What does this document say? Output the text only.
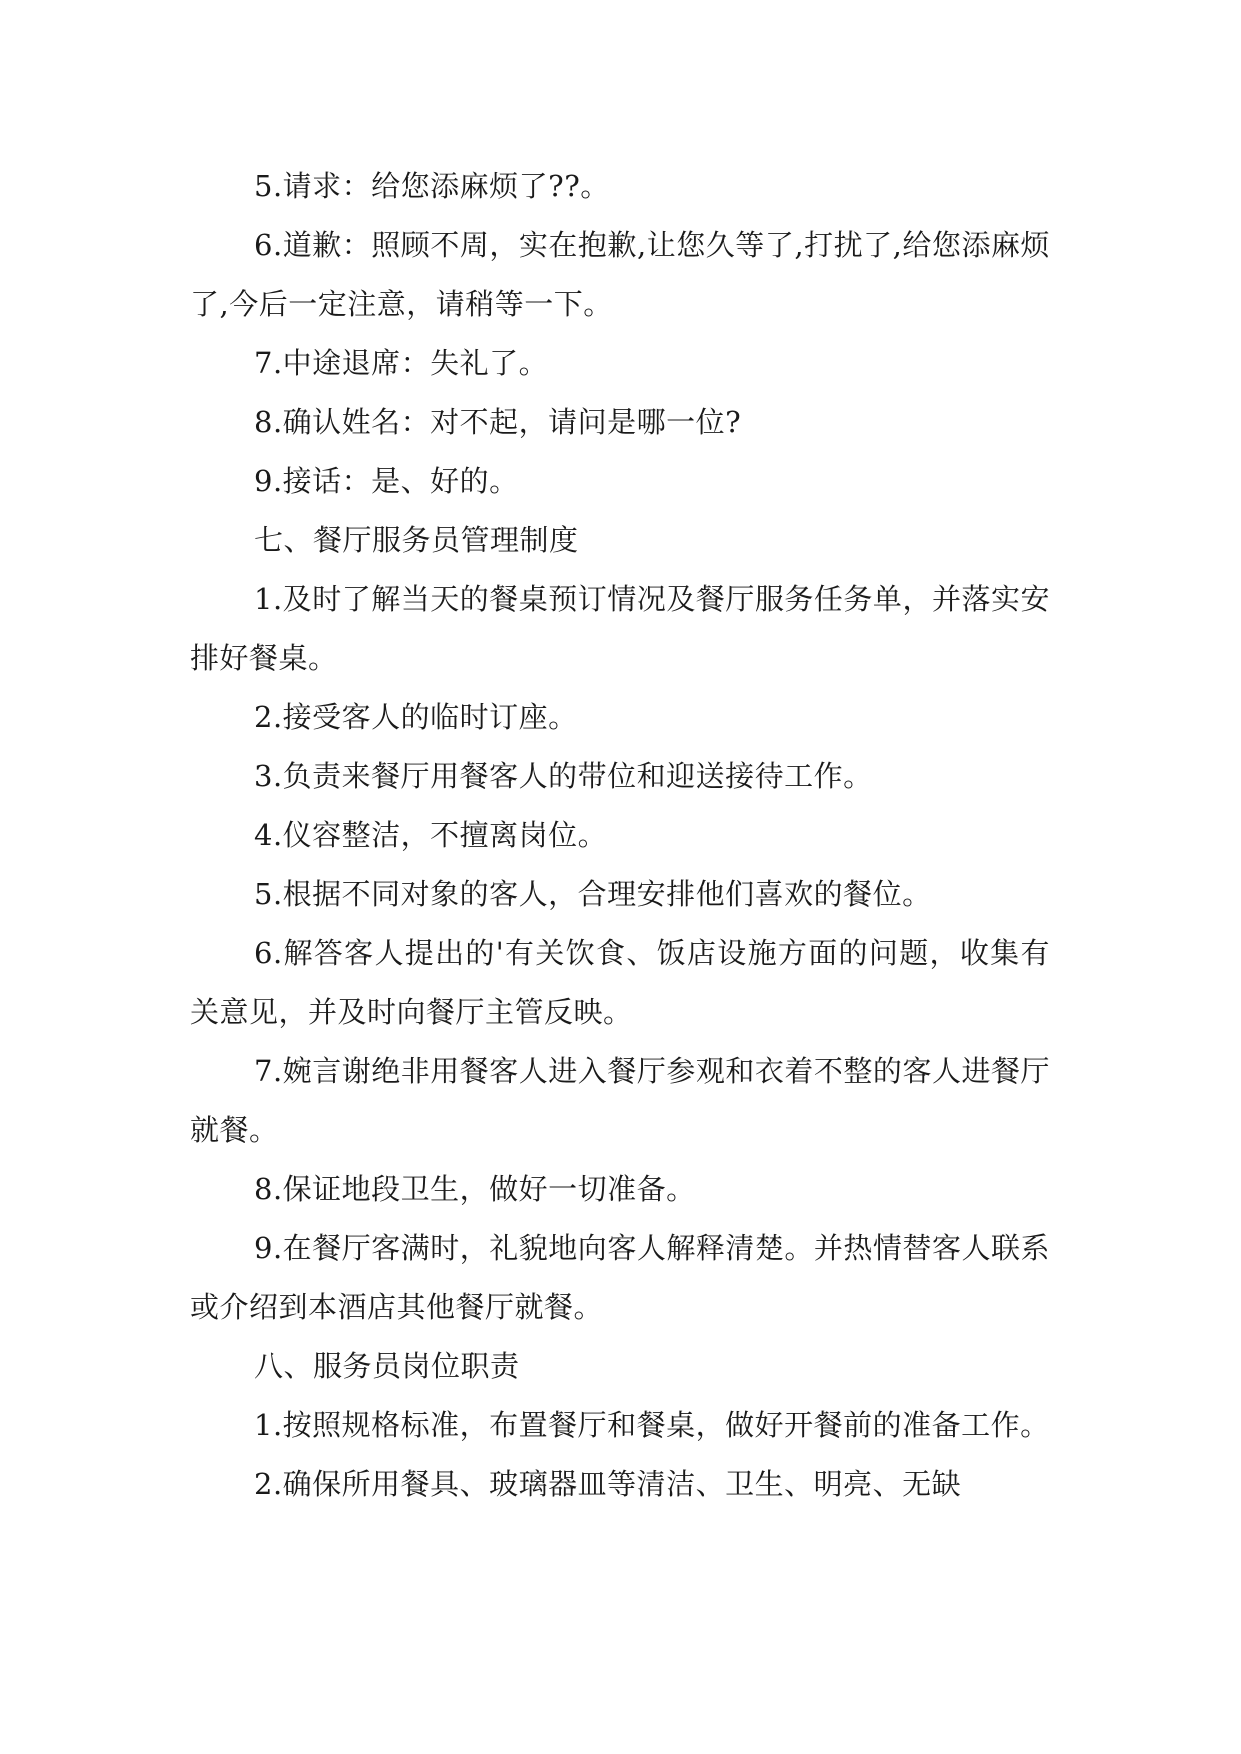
5.请求：给您添麻烦了??。

6.道歉：照顾不周，实在抱歉,让您久等了,打扰了,给您添麻烦了,今后一定注意，请稍等一下。

7.中途退席：失礼了。

8.确认姓名：对不起，请问是哪一位?

9.接话：是、好的。

七、餐厅服务员管理制度

1.及时了解当天的餐桌预订情况及餐厅服务任务单，并落实安排好餐桌。

2.接受客人的临时订座。

3.负责来餐厅用餐客人的带位和迎送接待工作。

4.仪容整洁，不擅离岗位。

5.根据不同对象的客人，合理安排他们喜欢的餐位。

6.解答客人提出的'有关饮食、饭店设施方面的问题，收集有关意见，并及时向餐厅主管反映。

7.婉言谢绝非用餐客人进入餐厅参观和衣着不整的客人进餐厅就餐。

8.保证地段卫生，做好一切准备。

9.在餐厅客满时，礼貌地向客人解释清楚。并热情替客人联系或介绍到本酒店其他餐厅就餐。

八、服务员岗位职责

1.按照规格标准，布置餐厅和餐桌，做好开餐前的准备工作。

2.确保所用餐具、玻璃器皿等清洁、卫生、明亮、无缺
